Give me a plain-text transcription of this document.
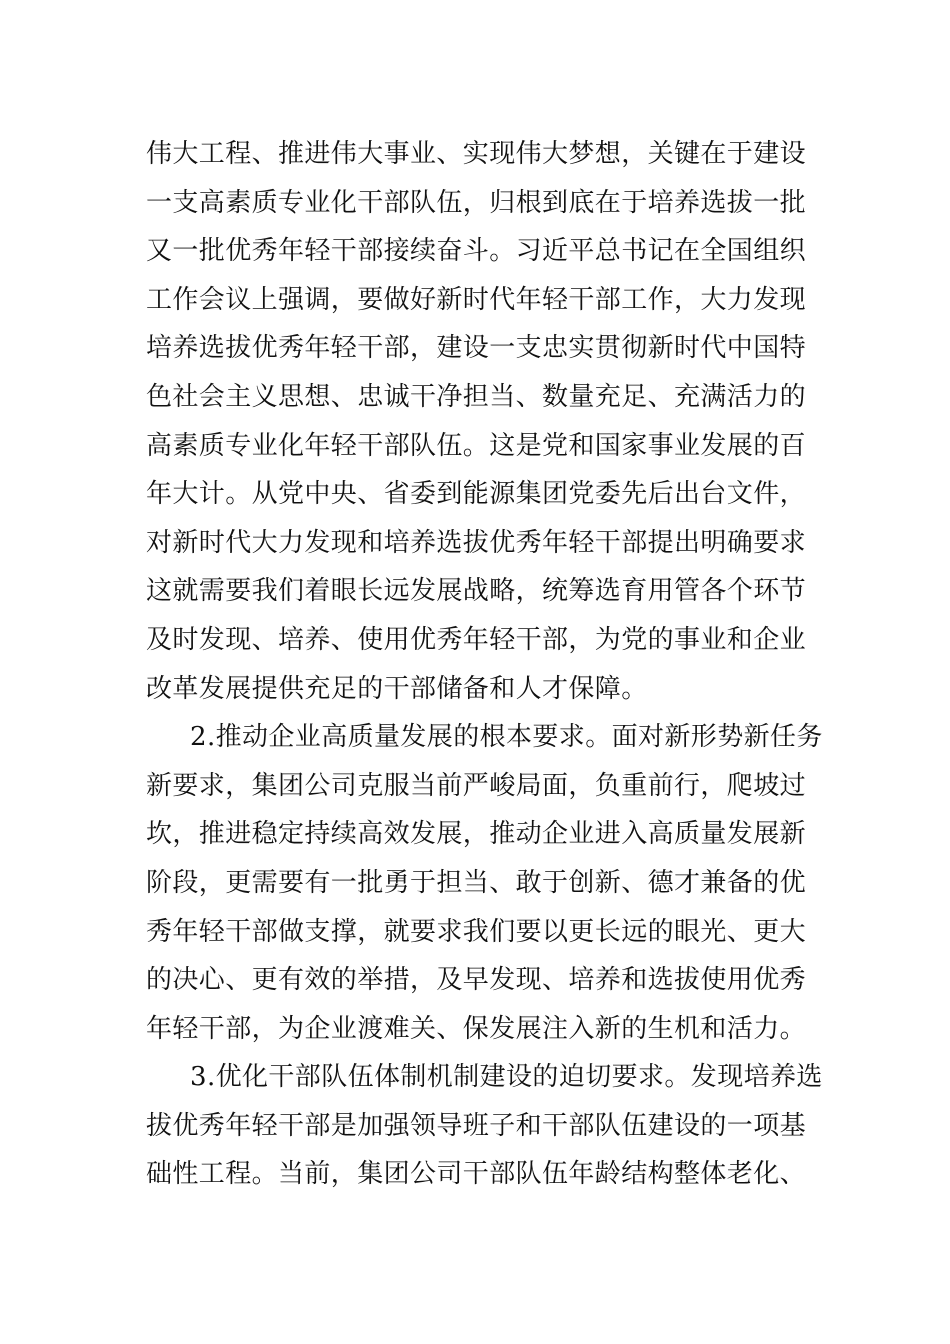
伟大工程、推进伟大事业、实现伟大梦想，关键在于建设
一支高素质专业化干部队伍，归根到底在于培养选拔一批
又一批优秀年轻干部接续奋斗。习近平总书记在全国组织
工作会议上强调，要做好新时代年轻干部工作，大力发现
培养选拔优秀年轻干部，建设一支忠实贯彻新时代中国特
色社会主义思想、忠诚干净担当、数量充足、充满活力的
高素质专业化年轻干部队伍。这是党和国家事业发展的百
年大计。从党中央、省委到能源集团党委先后出台文件，
对新时代大力发现和培养选拔优秀年轻干部提出明确要求
这就需要我们着眼长远发展战略，统筹选育用管各个环节
及时发现、培养、使用优秀年轻干部，为党的事业和企业
改革发展提供充足的干部储备和人才保障。
2.推动企业高质量发展的根本要求。面对新形势新任务
新要求，集团公司克服当前严峻局面，负重前行，爬坡过
坎，推进稳定持续高效发展，推动企业进入高质量发展新
阶段，更需要有一批勇于担当、敢于创新、德才兼备的优
秀年轻干部做支撑，就要求我们要以更长远的眼光、更大
的决心、更有效的举措，及早发现、培养和选拔使用优秀
年轻干部，为企业渡难关、保发展注入新的生机和活力。
3.优化干部队伍体制机制建设的迫切要求。发现培养选
拔优秀年轻干部是加强领导班子和干部队伍建设的一项基
础性工程。当前，集团公司干部队伍年龄结构整体老化、
